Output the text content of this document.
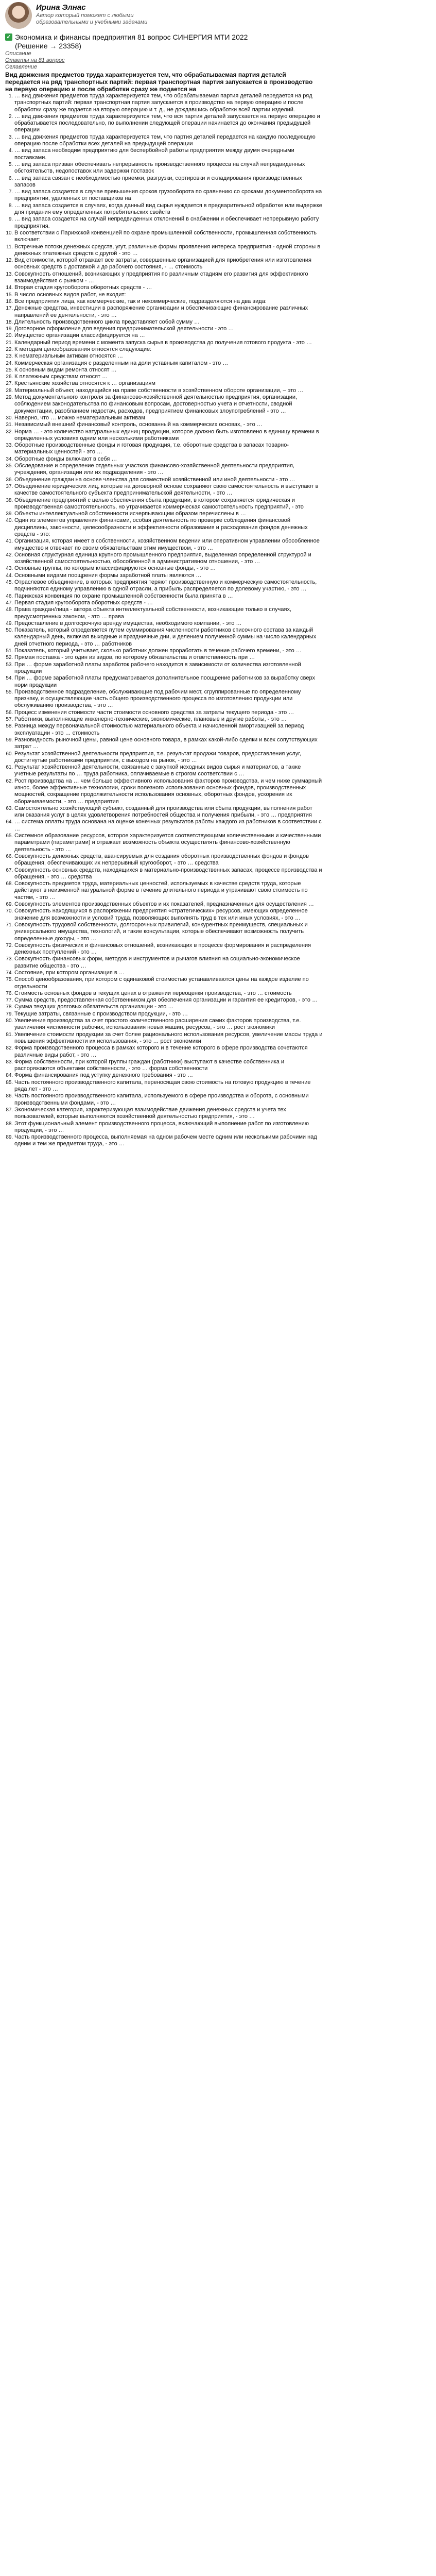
Ирина Элнас
Автор который поможет с любыми образовательными и учебными задачами
✓ Экономика и финансы предприятия 81 вопрос СИНЕРГИЯ МТИ 2022 (Решение → 23358)
Описание
Ответы на 81 вопрос
Оглавление
Вид движения предметов труда характеризуется тем, что обрабатываемая партия деталей передается на ряд транспортных партий: первая транспортная партия запускается в производство на первую операцию и после обработки сразу же подается на
1. … вид движения предметов труда характеризуется тем, что обрабатываемая партия деталей передается на ряд транспортных партий: первая транспортная партия запускается в производство на первую операцию и после обработки сразу же подается на вторую операцию и т. д., не дождавшись обработки всей партии изделий.
2. … вид движения предметов труда характеризуется тем, что вся партия деталей запускается на первую операцию и обрабатывается последовательно, по выполнении следующей операции начинается до окончания предыдущей операции
3. … вид движения предметов труда характеризуется тем, что партия деталей передается на каждую последующую операцию после обработки всех деталей на предыдущей операции
4. … вид запаса необходим предприятию для беспербойной работы предприятия между двумя очередными поставками.
5. … вид запаса призван обеспечивать непрерывность производственного процесса на случай непредвиденных обстоятельств, недопоставок или задержки поставок
6. … вид запаса связан с необходимостью приемки, разгрузки, сортировки и складирования производственных запасов
7. … вид запаса создается в случае превышения сроков грузооборота по сравнению со сроками документооборота на предприятии, удаленных от поставщиков на
8. … вид запаса создается в случаях, когда данный вид сырья нуждается в предварительной обработке или выдержке для придания ему определенных потребительских свойств
9. … вид запаса создается на случай непредвиденных отклонений в снабжении и обеспечивает непрерывную работу предприятия.
10. В соответствии с Парижской конвенцией по охране промышленной собственности, промышленная собственность включает:
11. Встречные потоки денежных средств, угут, различные формы проявления интереса предприятия - одной стороны в денежных платежных средств с другой - это …
12. Вид стоимости, которой отражает все затраты, совершенные организацией для приобретения или изготовления основных средств с доставкой и до рабочего состояния, - … стоимость
13. Совокупность отношений, возникающих у предприятия по различным стадиям его развития для эффективного взаимодействия с рынком - …
14. Вторая стадия кругооборота оборотных средств - …
15. В число основных видов работ, не входит:
16. Все предприятия лица, как коммерческие, так и некоммерческие, подразделяются на два вида:
17. Денежные средства, инвестиции в распоряжение организации и обеспечивающие финансирование различных направлений ее деятельности, - это …
18. Длительность производственного цикла представляет собой сумму …
19. Договорное оформление для ведения предпринимательской деятельности - это …
20. Имущество организации классифицируется на …
21. Календарный период времени с момента запуска сырья в производства до получения готового продукта - это …
22. К методам ценообразования относятся следующие:
23. К нематериальным активам относятся …
24. Коммерческая организация с разделенным на доли уставным капиталом - это …
25. К основным видам ремонта относят …
26. К платежным средствам относят …
27. Крестьянские хозяйства относятся к … организациям
28. Материальный объект, находящийся на праве собственности в хозяйственном обороте организации, – это …
29. Метод документального контроля за финансово-хозяйственной деятельностью предприятия, организации, соблюдением законодательства по финансовым вопросам, достоверностью учета и отчетности, сводной документации, разобланием недостач, расходов, предприятием финансовых злоупотреблений - это …
30. Наверно, что … можно нематериальным активам
31. Независимый внешний финансовый контроль, основанный на коммерческих основах, - это …
32. Норма … - это количество натуральных единиц продукции, которое должно быть изготовлено в единицу времени в определенных условиях одним или несколькими работниками
33. Оборотные производственные фонды и готовая продукция, т.е. оборотные средства в запасах товарно-материальных ценностей - это …
34. Оборотные фонды включают в себя …
35. Обследование и определение отдельных участков финансово-хозяйственной деятельности предприятия, учреждения, организации или их подразделения - это …
36. Объединение граждан на основе членства для совместной хозяйственной или иной деятельности - это …
37. Объединение юридических лиц, которые на договорной основе сохраняют свою самостоятельность и выступают в качестве самостоятельного субъекта предпринимательской деятельности, - это …
38. Объединение предприятий с целью обеспечения сбыта продукции, в котором сохраняется юридическая и производственная самостоятельность, но утрачивается коммерческая самостоятельность предприятий, - это
39. Объекты интеллектуальной собственности исчерпывающим образом перечислены в …
40. Один из элементов управления финансами, особая деятельность по проверке соблюдения финансовой дисциплины, законности, целесообразности и эффективности образования и расходования фондов денежных средств - это:
41. Организация, которая имеет в собственности, хозяйственном ведении или оперативном управлении обособленное имущество и отвечает по своим обязательствам этим имуществом, - это …
42. Основная структурная единица крупного промышленного предприятия, выделенная определенной структурой и хозяйственной самостоятельностью, обособленной в административном отношении, - это …
43. Основные группы, по которым классифицируются основные фонды, - это …
44. Основными видами поощрения формы заработной платы являются …
45. Отраслевое объединение, в которых предприятия теряют производственную и коммерческую самостоятельность, подчиняются единому управлению в одной отрасли, а прибыль распределяется по долевому участию, - это …
46. Парижская конвенция по охране промышленной собственности была принята в …
47. Первая стадия кругооборота оборотных средств - …
48. Права граждан/лица - автора объекта интеллектуальной собственности, возникающие только в случаях, предусмотренных законом, - это … права
49. Предоставление в долгосрочную аренду имущества, необходимого компании, - это …
50. Показатель, который определяется путем суммирования численности работников списочного состава за каждый календарный день, включая выходные и праздничные дни, и делением полученной суммы на число календарных дней отчетного периода, - это … работников
51. Показатель, который учитывает, сколько работник должен проработать в течение рабочего времени, - это …
52. Прямая поставка - это один из видов, по которому обязательства и ответственность при …
53. При … форме заработной платы заработок рабочего находится в зависимости от количества изготовленной продукции
54. При … форме заработной платы предусматривается дополнительное поощрение работников за выработку сверх норм продукции
55. Производственное подразделение, обслуживающие под рабочим мест, сгруппированные по определенному признаку, и осуществляющие часть общего производственного процесса по изготовлению продукции или обслуживанию производства, - это …
56. Процесс изменения стоимости части стоимости основного средства за затраты текущего периода - это …
57. Работники, выполняющие инженерно-технические, экономические, плановые и другие работы, - это …
58. Разница между первоначальной стоимостью материального объекта и начисленной амортизацией за период эксплуатации - это … стоимость
59. Разновидность рыночной цены, равной цене основного товара, в рамках какой-либо сделки и всех сопутствующих затрат …
60. Результат хозяйственной деятельности предприятия, т.е. результат продажи товаров, предоставления услуг, достигнутые работниками предприятия, с выходом на рынок, - это …
61. Результат хозяйственной деятельности, связанные с закупкой исходных видов сырья и материалов, а также учетные результаты по … труда работника, оплачиваемые в строгом соответствии с …
62. Рост производства на … чем больше эффективного использования факторов производства, и чем ниже суммарный износ, более эффективные технологии, сроки полезного использования основных фондов, производственных мощностей, сокращение продолжительности использования основных, оборотных фондов, ускорения их оборачиваемости, - это … предприятия
63. Самостоятельно хозяйствующий субъект, созданный для производства или сбыта продукции, выполнения работ или оказания услуг в целях удовлетворения потребностей общества и получения прибыли, - это … предприятия
64. … система оплаты труда основана на оценке конечных результатов работы каждого из работников в соответствии с …
65. Системное образование ресурсов, которое характеризуется соответствующими количественными и качественными параметрами (параметрами) и отражает возможность объекта осуществлять финансово-хозяйственную деятельность - это …
66. Совокупность денежных средств, авансируемых для создания оборотных производственных фондов и фондов обращения, обеспечивающих их непрерывный кругооборот, - это … средства
67. Совокупность основных средств, находящихся в материально-производственных запасах, процессе производства и обращения, - это … средства
68. Совокупность предметов труда, материальных ценностей, используемых в качестве средств труда, которые действуют в неизменной натуральной форме в течение длительного периода и утрачивают свою стоимость по частям, - это …
69. Совокупность элементов производственных объектов и их показателей, предназначенных для осуществления …
70. Совокупность находящихся в распоряжении предприятия «стратегических» ресурсов, имеющих определенное значение для возможности и условий труда, позволяющих выполнять труд в тех или иных условиях, - это …
71. Совокупность трудовой собственности, долгосрочных привилегий, конкурентных преимуществ, специальных и универсального имущества, технологий, и такие консультации, которые обеспечивают возможность получить определенные доходы, - это …
72. Совокупность физических и финансовых отношений, возникающих в процессе формирования и распределения денежных поступлений - это …
73. Совокупность финансовых форм, методов и инструментов и рычагов влияния на социально-экономическое развитие общества - это …
74. Состояние, при котором организация в …
75. Способ ценообразования, при котором с одинаковой стоимостью устанавливаются цены на каждое изделие по отдельности
76. Стоимость основных фондов в текущих ценах в отражении переоценки производства, - это … стоимость
77. Сумма средств, предоставленная собственником для обеспечения организации и гарантия ее кредиторов, - это …
78. Сумма текущих долговых обязательств организации - это …
79. Текущие затраты, связанные с производством продукции, - это …
80. Увеличение производства за счет простого количественного расширения самих факторов производства, т.е. увеличения численности рабочих, использования новых машин, ресурсов, - это … рост экономики
81. Увеличение стоимости продукции за счет более рационального использования ресурсов, увеличение массы труда и повышения эффективности их использования, - это … рост экономики
82. Форма производственного процесса в рамках которого и в течение которого в сфере производства сочетаются различные виды работ, - это …
83. Форма собственности, при которой группы граждан (работники) выступают в качестве собственника и распоряжаются объектами собственности, - это … форма собственности
84. Форма финансирования под уступку денежного требования - это …
85. Часть постоянного производственного капитала, переносящая свою стоимость на готовую продукцию в течение ряда лет - это …
86. Часть постоянного производственного капитала, используемого в сфере производства и оборота, с основными производственными фондами, - это …
87. Экономическая категория, характеризующая взаимодействие движения денежных средств и учета тех пользователей, которые выполняются хозяйственной деятельностью предприятия, - это …
88. Этот функциональный элемент производственного процесса, включающий выполнение работ по изготовлению продукции, - это …
89. Часть производственного процесса, выполняемая на одном рабочем месте одним или несколькими рабочими над одним и тем же предметом труда, - это …
